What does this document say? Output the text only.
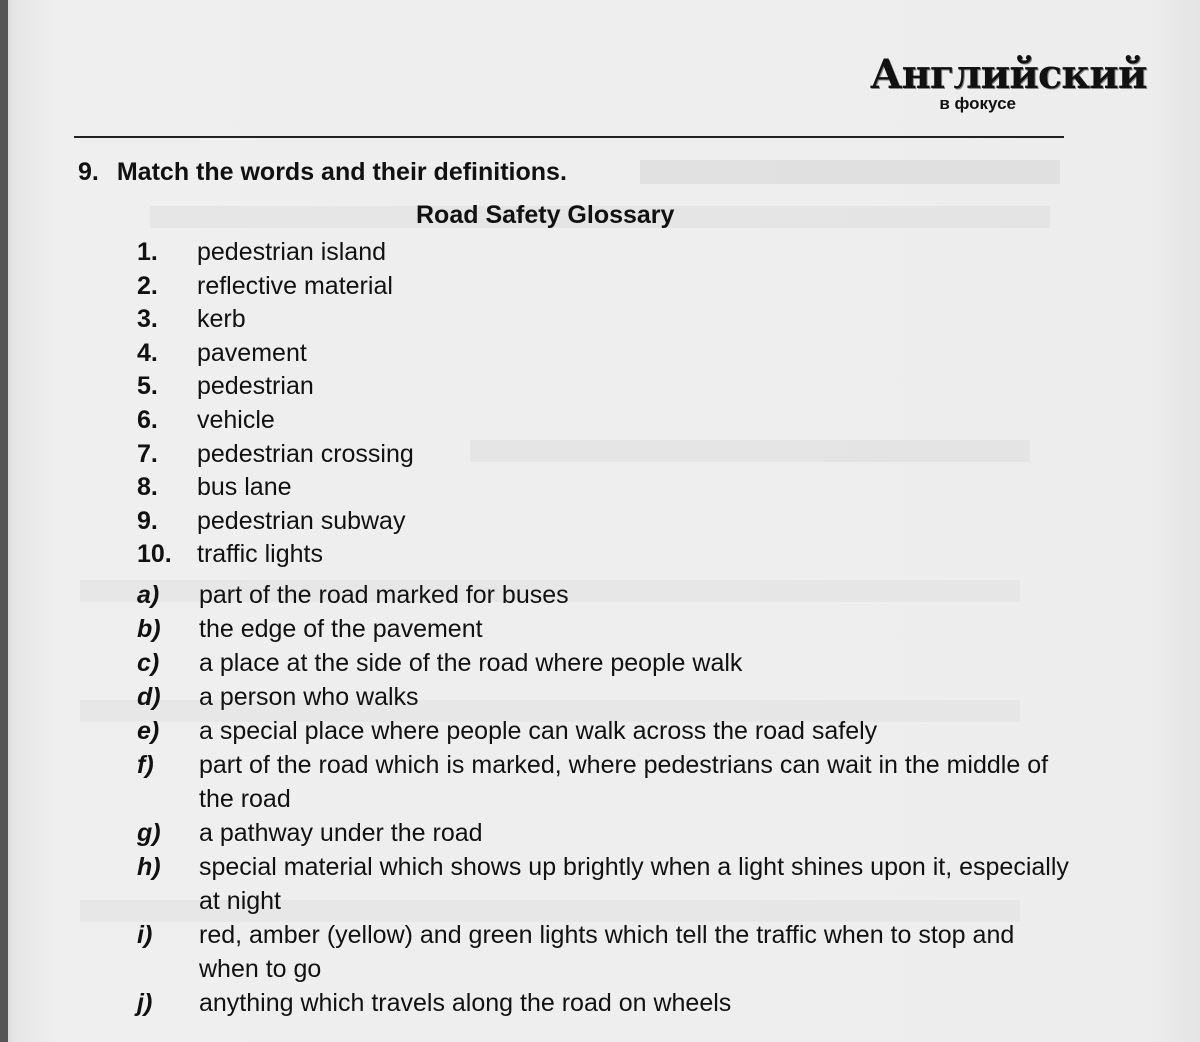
Английский
в фокусе
9. Match the words and their definitions.
Road Safety Glossary
1. pedestrian island
2. reflective material
3. kerb
4. pavement
5. pedestrian
6. vehicle
7. pedestrian crossing
8. bus lane
9. pedestrian subway
10. traffic lights
a) part of the road marked for buses
b) the edge of the pavement
c) a place at the side of the road where people walk
d) a person who walks
e) a special place where people can walk across the road safely
f) part of the road which is marked, where pedestrians can wait in the middle of the road
g) a pathway under the road
h) special material which shows up brightly when a light shines upon it, especially at night
i) red, amber (yellow) and green lights which tell the traffic when to stop and when to go
j) anything which travels along the road on wheels
